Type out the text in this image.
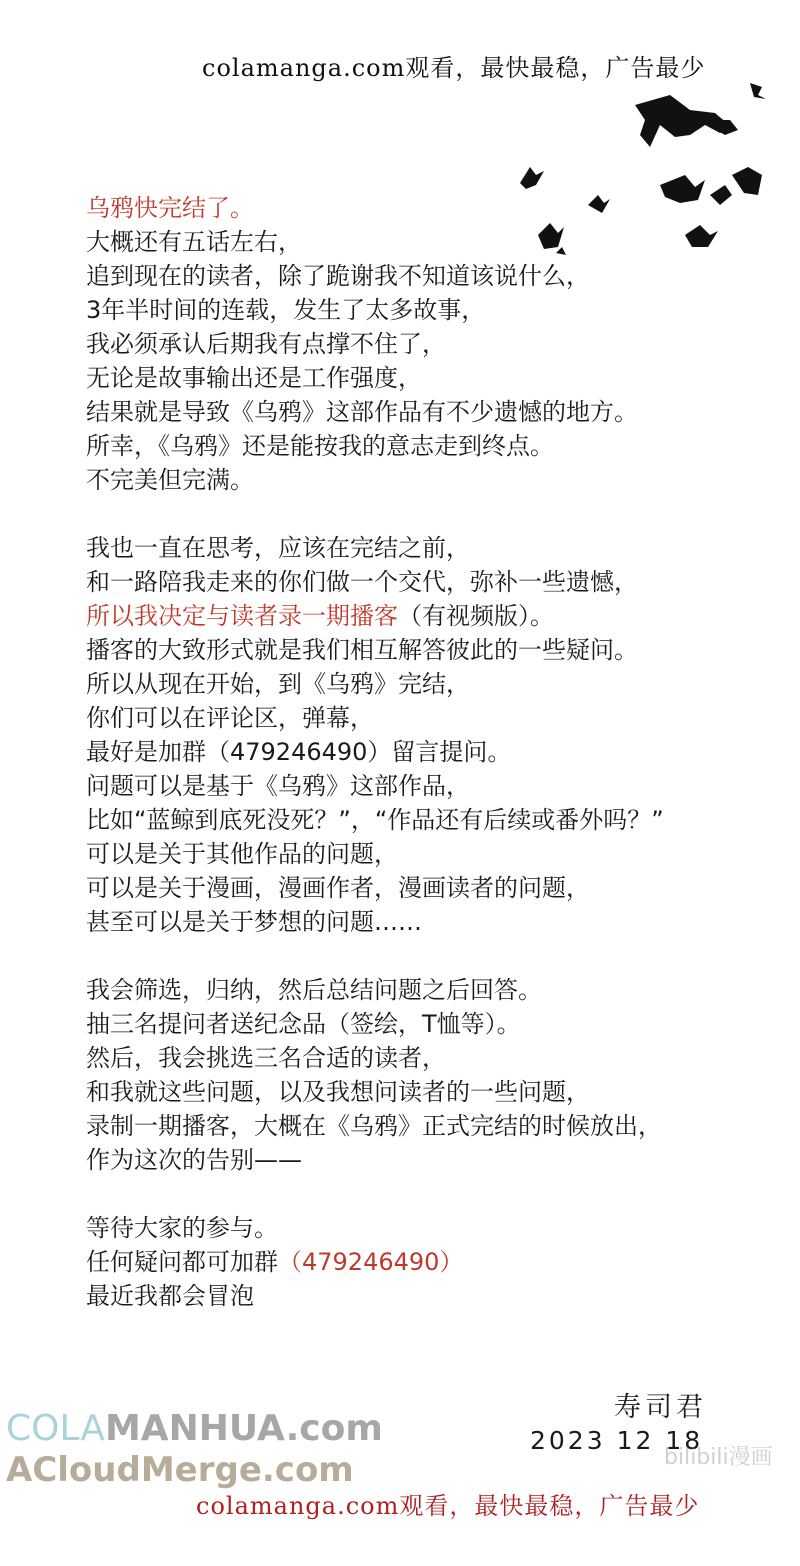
colamanga.com观看，最快最稳，广告最少
乌鸦快完结了。
大概还有五话左右，
追到现在的读者，除了跪谢我不知道该说什么，
3年半时间的连载，发生了太多故事，
我必须承认后期我有点撑不住了，
无论是故事输出还是工作强度，
结果就是导致《乌鸦》这部作品有不少遗憾的地方。
所幸，《乌鸦》还是能按我的意志走到终点。
不完美但完满。
我也一直在思考，应该在完结之前，
和一路陪我走来的你们做一个交代，弥补一些遗憾，
所以我决定与读者录一期播客（有视频版）。
播客的大致形式就是我们相互解答彼此的一些疑问。
所以从现在开始，到《乌鸦》完结，
你们可以在评论区，弹幕，
最好是加群（479246490）留言提问。
问题可以是基于《乌鸦》这部作品，
比如“蓝鲸到底死没死？”，“作品还有后续或番外吗？”
可以是关于其他作品的问题，
可以是关于漫画，漫画作者，漫画读者的问题，
甚至可以是关于梦想的问题……
我会筛选，归纳，然后总结问题之后回答。
抽三名提问者送纪念品（签绘，T恤等）。
然后，我会挑选三名合适的读者，
和我就这些问题，以及我想问读者的一些问题，
录制一期播客，大概在《乌鸦》正式完结的时候放出，
作为这次的告别——
等待大家的参与。
任何疑问都可加群（479246490）
最近我都会冒泡
寿司君
2023 12 18
COLAMANHUA.com
ACloudMerge.com	bilibili漫画
colamanga.com观看，最快最稳，广告最少
